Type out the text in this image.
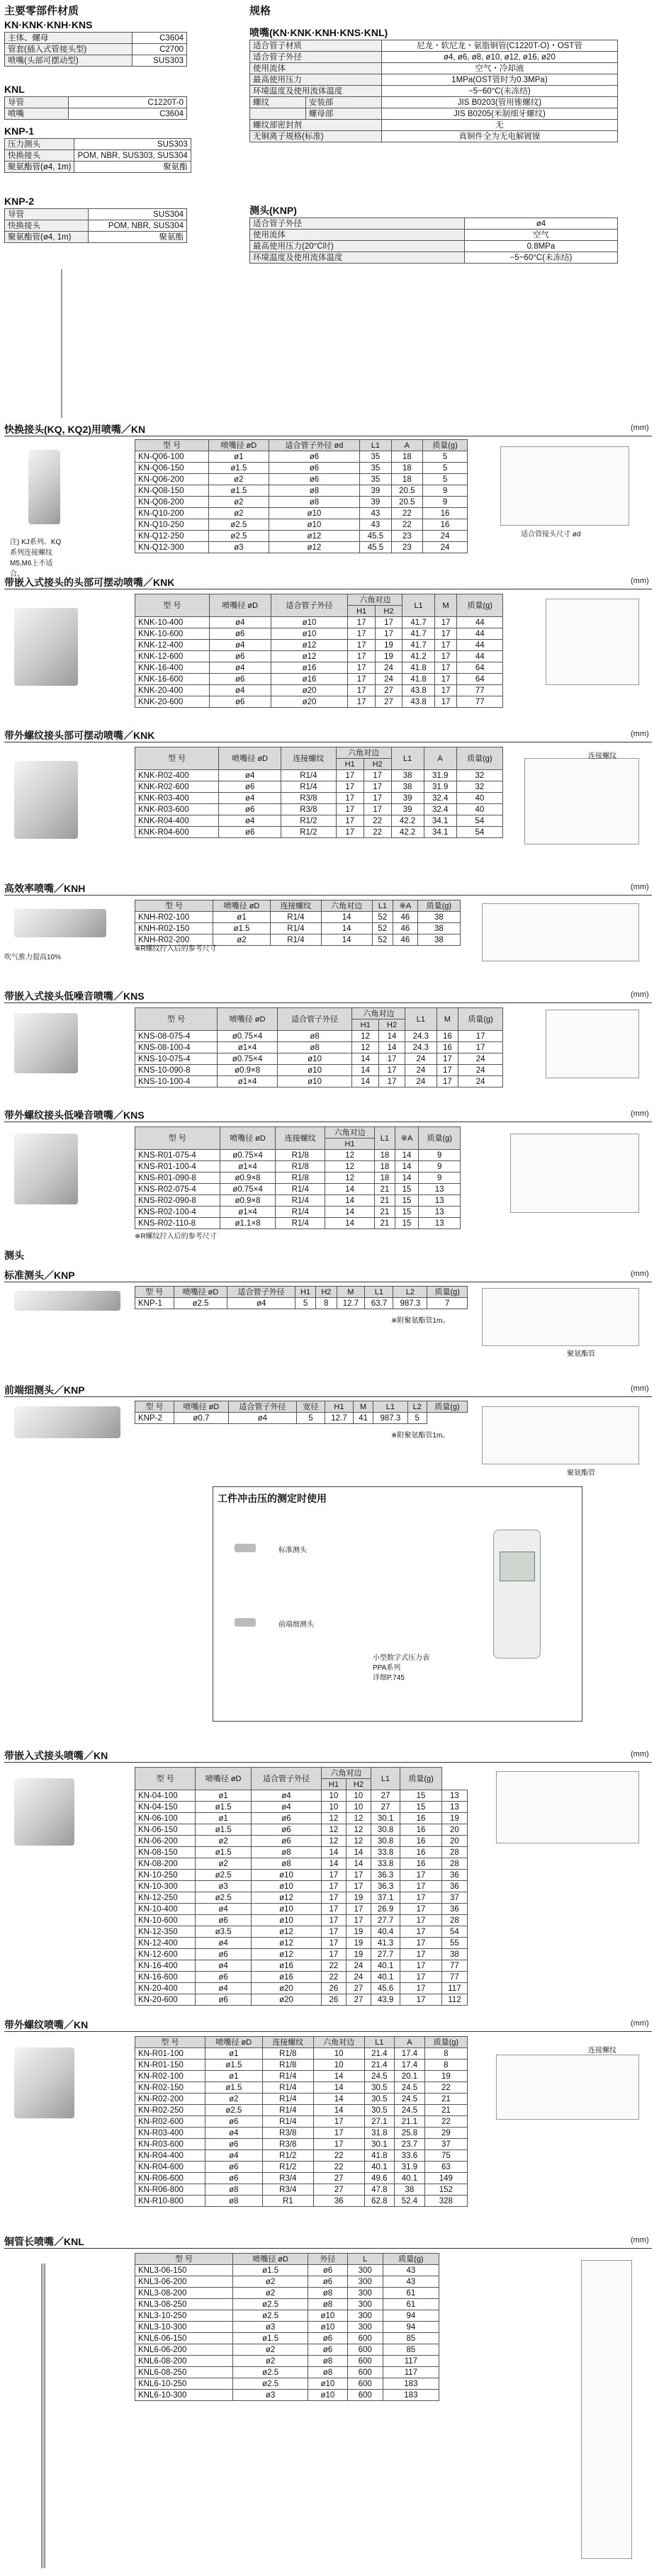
主要零部件材质
KN·KNK·KNH·KNS
主体、螺母	C3604
管套(插入式管接头型)	C2700
喷嘴(头部可摆动型)	SUS303
KNL
导管	C1220T-0
喷嘴	C3604
KNP-1
压力测头	SUS303
快换接头	POM, NBR, SUS303, SUS304
聚氨酯管(ø4, 1m)	聚氨酯
KNP-2
导管	SUS304
快换接头	POM, NBR, SUS304
聚氨酯管(ø4, 1m)	聚氨酯
规格
喷嘴(KN·KNK·KNH·KNS·KNL)
适合管子材质		尼龙・软尼龙・氨脂铜管(C1220T-O)・OST管
适合管子外径		ø4, ø6, ø8, ø10, ø12, ø16, ø20
使用流体		空气・冷却液
最高使用压力		1MPa(OST管时为0.3MPa)
环境温度及使用流体温度		−5~60°C(未冻结)
螺纹	安装部	JIS B0203(管用锥螺纹)
	螺母部	JIS B0205(米制细牙螺纹)
螺纹部密封剂		无
无铜离子规格(标准)		真铜件全为无电解镀镍
测头(KNP)
适合管子外径	ø4
使用流体	空气
最高使用压力(20°C时)	0.8MPa
环境温度及使用流体温度	−5~60°C(未冻结)
快换接头(KQ, KQ2)用喷嘴／KN	(mm)
注) KJ系列、KQ系列连接螺纹M5,M6上不适合。
型 号	喷嘴径 øD	适合管子外径 ød	L1	A	质量(g)
KN-Q06-100	ø1	ø6	35	18	5
KN-Q06-150	ø1.5	ø6	35	18	5
KN-Q06-200	ø2	ø6	35	18	5
KN-Q08-150	ø1.5	ø8	39	20.5	9
KN-Q08-200	ø2	ø8	39	20.5	9
KN-Q10-200	ø2	ø10	43	22	16
KN-Q10-250	ø2.5	ø10	43	22	16
KN-Q12-250	ø2.5	ø12	45.5	23	24
KN-Q12-300	ø3	ø12	45.5	23	24
适合管接头尺寸 ød
带嵌入式接头的头部可摆动喷嘴／KNK	(mm)
型 号	喷嘴径 øD	适合管子外径	六角对边		L1	M	质量(g)
			H1	H2			
KNK-10-400	ø4	ø10	17	17	41.7	17	44
KNK-10-600	ø6	ø10	17	17	41.7	17	44
KNK-12-400	ø4	ø12	17	19	41.7	17	44
KNK-12-600	ø6	ø12	17	19	41.2	17	44
KNK-16-400	ø4	ø16	17	24	41.8	17	64
KNK-16-600	ø6	ø16	17	24	41.8	17	64
KNK-20-400	ø4	ø20	17	27	43.8	17	77
KNK-20-600	ø6	ø20	17	27	43.8	17	77
带外螺纹接头部可摆动喷嘴／KNK	(mm)
型 号	喷嘴径 øD	连接螺纹	六角对边		L1	A	质量(g)
			H1	H2			
KNK-R02-400	ø4	R1/4	17	17	38	31.9	32
KNK-R02-600	ø6	R1/4	17	17	38	31.9	32
KNK-R03-400	ø4	R3/8	17	17	39	32.4	40
KNK-R03-600	ø6	R3/8	17	17	39	32.4	40
KNK-R04-400	ø4	R1/2	17	22	42.2	34.1	54
KNK-R04-600	ø6	R1/2	17	22	42.2	34.1	54
连接螺纹
高效率喷嘴／KNH	(mm)
吹气推力提高10%
型 号	喷嘴径 øD	连接螺纹	六角对边	L1	※A	质量(g)
KNH-R02-100	ø1	R1/4	14	52	46	38
KNH-R02-150	ø1.5	R1/4	14	52	46	38
KNH-R02-200	ø2	R1/4	14	52	46	38
※R螺纹拧入后的参考尺寸
带嵌入式接头低噪音喷嘴／KNS	(mm)
型 号	喷嘴径 øD	适合管子外径	六角对边		L1	M	质量(g)
			H1	H2			
KNS-08-075-4	ø0.75×4	ø8	12	14	24.3	16	17
KNS-08-100-4	ø1×4	ø8	12	14	24.3	16	17
KNS-10-075-4	ø0.75×4	ø10	14	17	24	17	24
KNS-10-090-8	ø0.9×8	ø10	14	17	24	17	24
KNS-10-100-4	ø1×4	ø10	14	17	24	17	24
带外螺纹接头低噪音喷嘴／KNS	(mm)
型 号	喷嘴径 øD	连接螺纹	六角对边	L1	※A	质量(g)
			H1			
KNS-R01-075-4	ø0.75×4	R1/8	12	18	14	9
KNS-R01-100-4	ø1×4	R1/8	12	18	14	9
KNS-R01-090-8	ø0.9×8	R1/8	12	18	14	9
KNS-R02-075-4	ø0.75×4	R1/4	14	21	15	13
KNS-R02-090-8	ø0.9×8	R1/4	14	21	15	13
KNS-R02-100-4	ø1×4	R1/4	14	21	15	13
KNS-R02-110-8	ø1.1×8	R1/4	14	21	15	13
※R螺纹拧入后的参考尺寸
测头
标准测头／KNP	(mm)
型 号	喷嘴径 øD	适合管子外径	H1	H2	M	L1	L2	质量(g)
KNP-1	ø2.5	ø4	5	8	12.7	63.7	987.3	7
※附聚氨酯管1m。
聚氨酯管
前端细测头／KNP	(mm)
型 号	喷嘴径 øD	适合管子外径	宽径	H1	M	L1	L2	质量(g)
KNP-2	ø0.7	ø4	5	12.7	41	987.3	5	
※附聚氨酯管1m。
聚氨酯管
工件冲击压的测定时使用
标准测头
前端细测头
小型数字式压力表
PPA系列
详细P.745
带嵌入式接头喷嘴／KN	(mm)
型 号	喷嘴径 øD	适合管子外径	六角对边		L1	质量(g)	
			H1	H2			
KN-04-100	ø1	ø4	10	10	27	15	13
KN-04-150	ø1.5	ø4	10	10	27	15	13
KN-06-100	ø1	ø6	12	12	30.1	16	19
KN-06-150	ø1.5	ø6	12	12	30.8	16	20
KN-06-200	ø2	ø6	12	12	30.8	16	20
KN-08-150	ø1.5	ø8	14	14	33.8	16	28
KN-08-200	ø2	ø8	14	14	33.8	16	28
KN-10-250	ø2.5	ø10	17	17	36.3	17	36
KN-10-300	ø3	ø10	17	17	36.3	17	36
KN-12-250	ø2.5	ø12	17	19	37.1	17	37
KN-10-400	ø4	ø10	17	17	26.9	17	36
KN-10-600	ø6	ø10	17	17	27.7	17	28
KN-12-350	ø3.5	ø12	17	19	40.4	17	54
KN-12-400	ø4	ø12	17	19	41.3	17	55
KN-12-600	ø6	ø12	17	19	27.7	17	38
KN-16-400	ø4	ø16	22	24	40.1	17	77
KN-16-600	ø6	ø16	22	24	40.1	17	77
KN-20-400	ø4	ø20	26	27	45.6	17	117
KN-20-600	ø6	ø20	26	27	43.9	17	112
带外螺纹喷嘴／KN	(mm)
型 号	喷嘴径 øD	连接螺纹	六角对边	L1	A	质量(g)
KN-R01-100	ø1	R1/8	10	21.4	17.4	8
KN-R01-150	ø1.5	R1/8	10	21.4	17.4	8
KN-R02-100	ø1	R1/4	14	24.5	20.1	19
KN-R02-150	ø1.5	R1/4	14	30.5	24.5	22
KN-R02-200	ø2	R1/4	14	30.5	24.5	21
KN-R02-250	ø2.5	R1/4	14	30.5	24.5	21
KN-R02-600	ø6	R1/4	17	27.1	21.1	22
KN-R03-400	ø4	R3/8	17	31.8	25.8	29
KN-R03-600	ø6	R3/8	17	30.1	23.7	37
KN-R04-400	ø4	R1/2	22	41.8	33.6	75
KN-R04-600	ø6	R1/2	22	40.1	31.9	63
KN-R06-600	ø6	R3/4	27	49.6	40.1	149
KN-R06-800	ø8	R3/4	27	47.8	38	152
KN-R10-800	ø8	R1	36	62.8	52.4	328
连接螺纹
铜管长喷嘴／KNL	(mm)
型 号	喷嘴径 øD	外径	L	质量(g)
KNL3-06-150	ø1.5	ø6	300	43
KNL3-06-200	ø2	ø6	300	43
KNL3-08-200	ø2	ø8	300	61
KNL3-08-250	ø2.5	ø8	300	61
KNL3-10-250	ø2.5	ø10	300	94
KNL3-10-300	ø3	ø10	300	94
KNL6-06-150	ø1.5	ø6	600	85
KNL6-06-200	ø2	ø6	600	85
KNL6-08-200	ø2	ø8	600	117
KNL6-08-250	ø2.5	ø8	600	117
KNL6-10-250	ø2.5	ø10	600	183
KNL6-10-300	ø3	ø10	600	183
